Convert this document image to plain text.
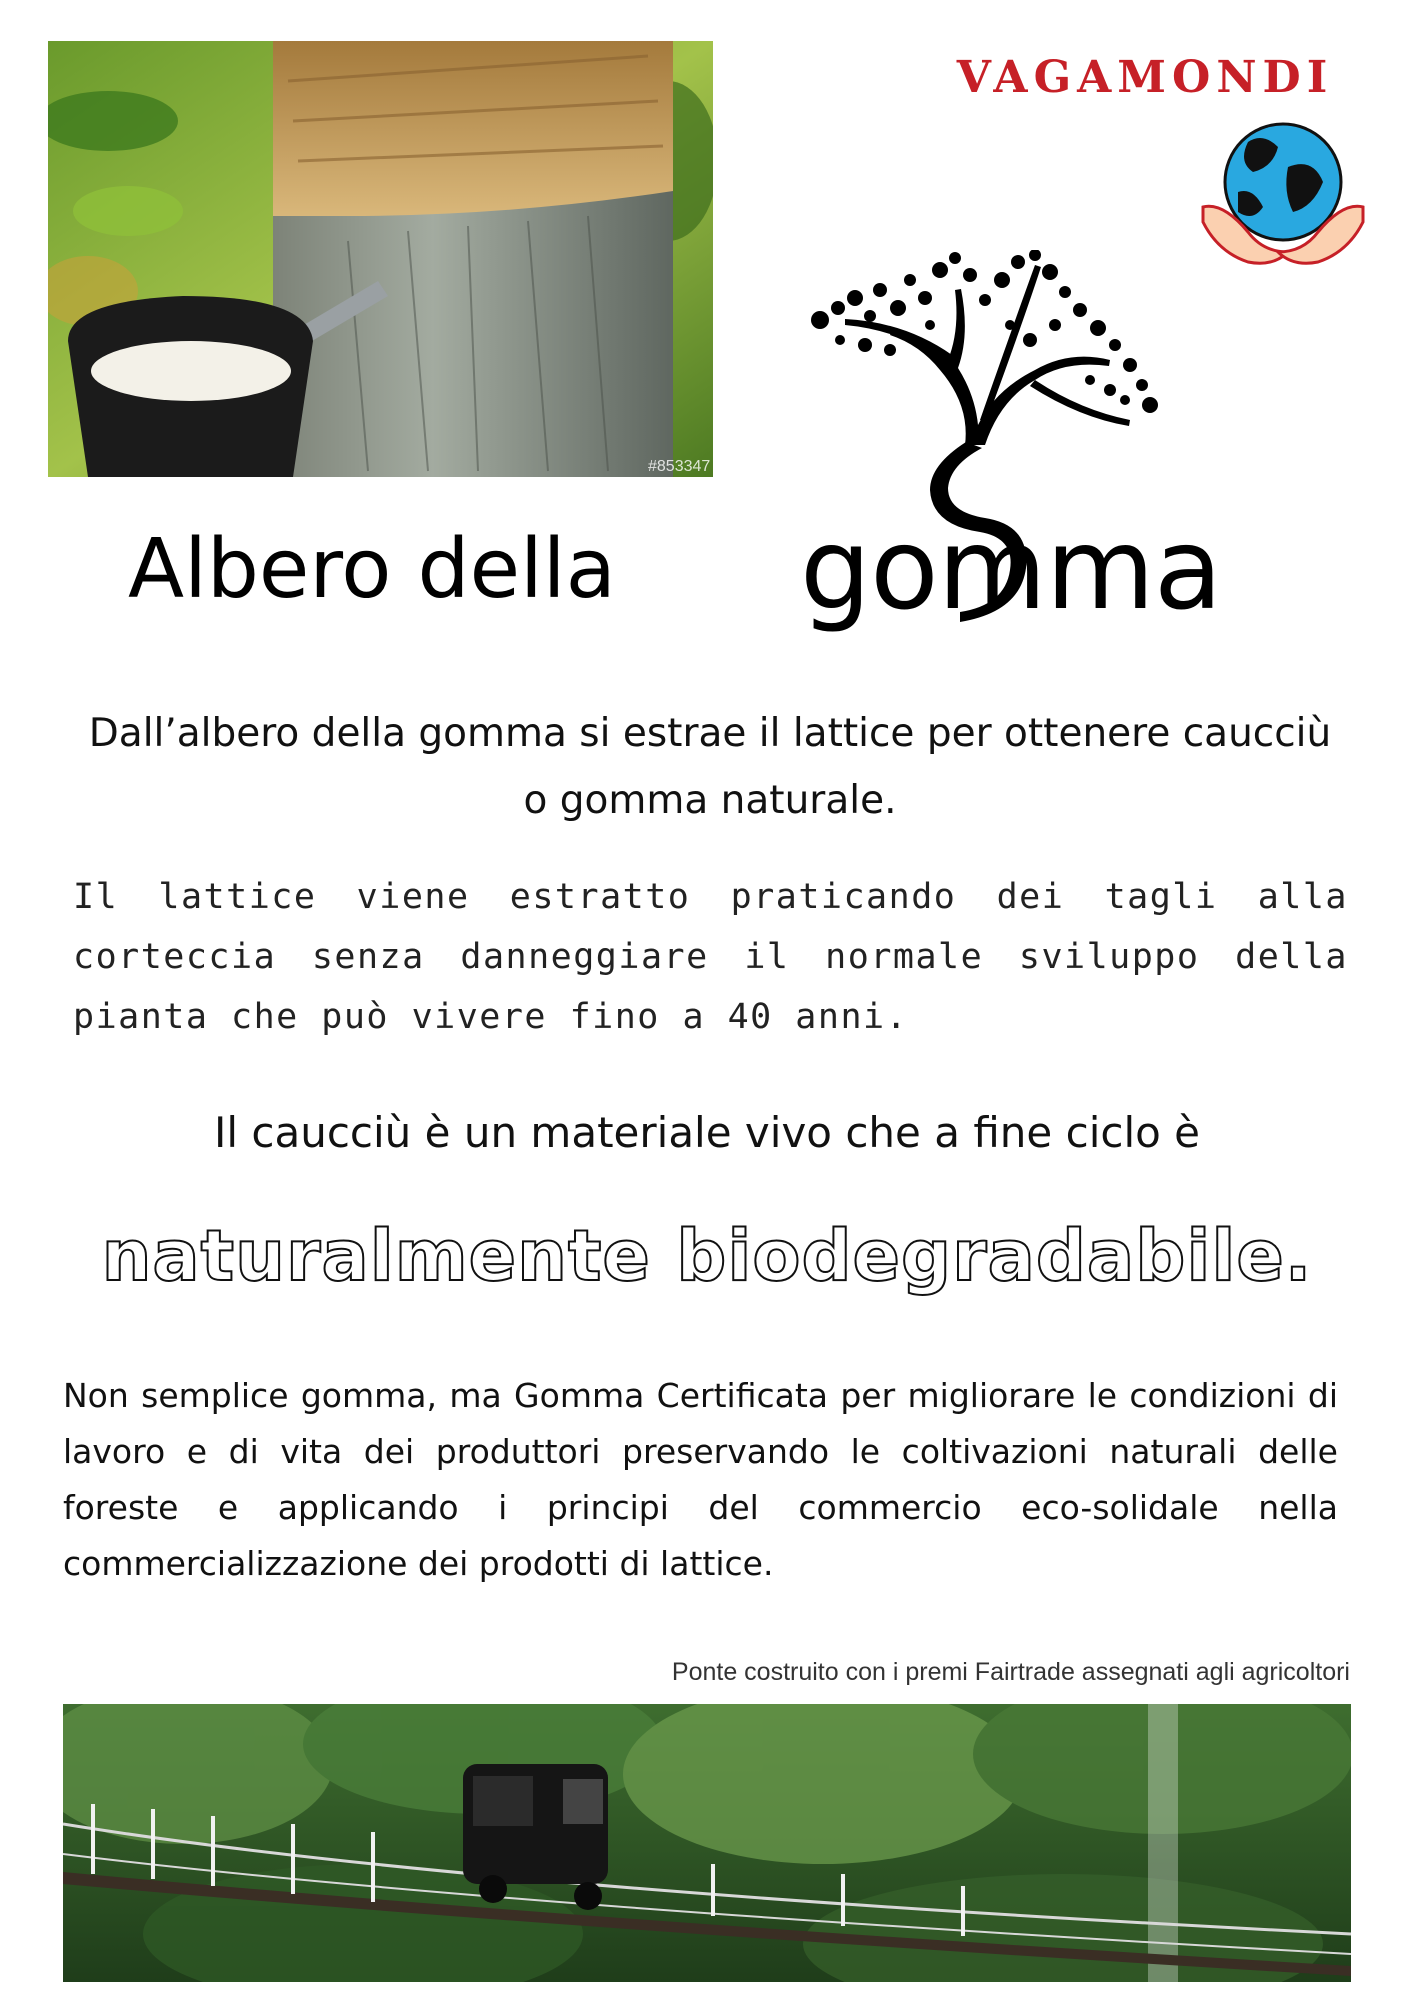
#853347
VAGAMONDI
Albero della gomma
Dall’albero della gomma si estrae il lattice per ottenere caucciù o gomma naturale.
Il lattice viene estratto praticando dei tagli alla corteccia senza danneggiare il normale sviluppo della pianta che può vivere fino a 40 anni.
Il caucciù è un materiale vivo che a fine ciclo è
naturalmente biodegradabile.
Non semplice gomma, ma Gomma Certificata per migliorare le condizioni di lavoro e di vita dei produttori preservando le coltivazioni naturali delle foreste e applicando i principi del commercio eco-solidale nella commercializzazione dei prodotti di lattice.
Ponte costruito con i premi Fairtrade assegnati agli agricoltori
